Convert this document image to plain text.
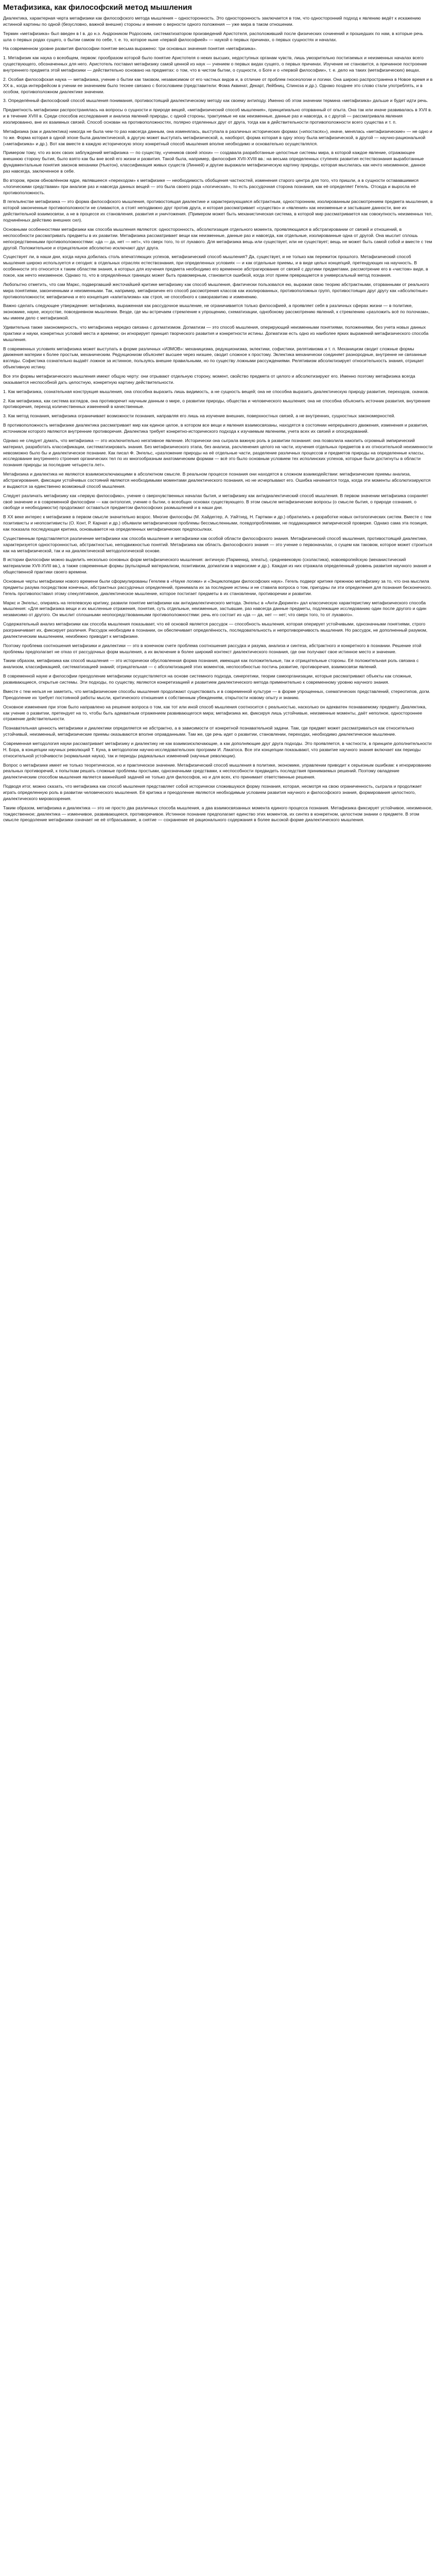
Метафизика, как философский метод мышления

Диалектика, характерная черта метафизики как философского метода мышления – односторонность. Это односторонность заключается в том, что односторонний подход к явлению ведёт к искажению истинной картины по одной (безусловно, важной внешне) стороны и мнение о верности одного положения — уже мира в таком отношении.

Термин «метафизика» был введен в I в. до н.э. Андроником Родосским, систематизатором произведений Аристотеля, расположивший после физических сочинений и прошедших по нам, в которые речь шла о первых родах сущего, о бытии самом по себе, т. е. то, которое ныне «первой философией» — наукой о первых причинах, о первых сущностях и началах.

На современном уровне развития философии понятие весьма выражено: три основных значения понятия «метафизика».

1. Метафизик как наука о всеобщем, первом: прообразом которой было понятие Аристотеля о неких высших, недоступных органам чувств, лишь умозрительно постигаемых и неизменных началах всего существующего, обозначенных для него. Аристотель поставил метафизику самой ценной из наук — учением о первых видах сущего, о первых причинах. Изучение не становится, а причинное построение внутреннего предмета этой метафизики — действительно основано на предметах: о том, что в чистом бытии, о сущности, о Боге и о «первой философии», т. е. дело на таких (метафизических) вещах.

2. Особая философская наука — метафизика, учение о бытии как таковом, независимом от его частных видов и, в отличие от проблем гносеологии и логики. Она широко распространена в Новое время и в XX в., когда интерфейсом в учении ее значением было теснее связано с богословием (представители: Фома Аквинат, Декарт, Лейбниц, Спиноза и др.). Однако позднее это слово стали употреблять, и в особом, противоположном диалектике значении.

3. Определённый философский способ мышления понимания, противостоящий диалектическому методу как своему антиподу. Именно об этом значении термина «метафизика» дальше и будет идти речь.

Предметность метафизики распространялась на вопросы о сущности и природе вещей, «метафизический способ мышления», принципиально оторванный от опыта. Она так или иначе развивалась в ХVII в. и в течение XVIII в. Среди способов исследования и анализа явлений природы, с одной стороны, трактуемые не как неизменные, данные раз и навсегда, а с другой — рассматривала явления изолированно, вне их взаимных связей. Способ основан на противоположностях, полярно отделенных друг от друга, тогда как в действительности противоположности всего существа и т. п.

Метафизика (как и диалектика) никогда не была чем-то раз навсегда данным, она изменялась, выступала в различных исторических формах («ипостасях»), иначе, менялась «метафизические» — не одно и то же. Форма которая в одной эпохе была диалектической, в другую может выступать метафизической, а, наоборот, форма которая в одну эпоху была метафизической, в другой — научно-рациональной («метафизика» и др.). Вот как вместе в каждую историческую эпоху конкретный способ мышления вполне необходимо и основательно осуществлялся.

Примером тому, что из всех своих заблуждений метафизика — по существу, «учеников своей эпохи» — создавала разработанные целостные системы мира, в которой каждое явление, отражающее внешнюю сторону бытия, было взято как бы вне всей его жизни и развития. Такой была, например, философия XVII-XVIII вв.: на весьма определенных ступенях развития естествознания выработанные фундаментальные понятия законов механики (Ньютон), классификация живых существ (Линней) и другие выражали метафизическую картину природы, которая мыслилась как нечто неизменное, данное раз навсегда, заключенное в себе.

Во втором, ярком обновлённом ядре, являвшееся «переходом» к метафизике — необходимость обобщения частностей, изменения старого центра для того, что пришли, а в сущности остававшимися «логическими средствами» при анализе раз и навсегда данных вещей — это была своего рода «логическая», то есть рассудочная сторона познания, как её определяет Гегель. Отсюда и выросла её противоположность.

В гегельянстве метафизика — это форма философского мышления, противостоящая диалектике и характеризующаяся абстрактным, односторонним, изолированным рассмотрением предмета мышления, в которой законченные противоположности не сливаются, а стоят неподвижно друг против друга, и которая рассматривает «существо» и «явления» как неизменные и застывшие данности, вне их действительной взаимосвязи, а не в процессе их становления, развития и уничтожения. (Примером может быть механистическая система, в которой мир рассматривается как совокупность неизменных тел, подчинённых действию внешних сил).

Основными особенностями метафизики как способа мышления являются: односторонность, абсолютизация отдельного момента, проявляющаяся в абстрагировании от связей и отношений, в неспособности рассматривать предметы в их развитии. Метафизика рассматривает вещи как неизменные, данные раз и навсегда, как отдельные, изолированные одна от другой. Она мыслит сплошь непосредственными противоположностями: «да — да, нет — нет», что сверх того, то от лукавого. Для метафизика вещь или существует, или не существует; вещь не может быть самой собой и вместе с тем другой. Положительное и отрицательное абсолютно исключают друг друга.

Существует ли, в наши дни, когда наука добилась столь впечатляющих успехов, метафизический способ мышления? Да, существует, и не только как пережиток прошлого. Метафизический способ мышления широко используется и сегодня: в отдельных отраслях естествознания, при определенных условиях — и как отдельные приемы, и в виде целых концепций, претендующих на научность. В особенности это относится к таким областям знания, в которых для изучения предмета необходимо его временное абстрагирование от связей с другими предметами, рассмотрение его в «чистом» виде, в покое, как нечто неизменное. Однако то, что в определённых границах может быть правомерным, становится ошибкой, когда этот прием превращается в универсальный метод познания.

Любопытно отметить, что сам Маркс, подвергавший жесточайшей критике метафизику как способ мышления, фактически пользовался ею, выражая свою теорию абстрактными, оторванными от реального мира понятиями, законченными и неизменными. Так, например, метафизичен его способ рассмотрения классов как изолированных, противоположных групп, противостоящих друг другу как «абсолютные» противоположности; метафизична и его концепция «капитализма» как строя, не способного к саморазвитию и изменению.

Важно сделать следующее утверждение: метафизика, выраженная как рассудочное мышление, не ограничивается только философией, а проявляет себя в различных сферах жизни — в политике, экономике, науке, искусстве, повседневном мышлении. Везде, где мы встречаем стремление к упрощению, схематизации, однобокому рассмотрению явлений, к стремлению «разложить всё по полочкам», мы имеем дело с метафизикой.

Удивительна также закономерность, что метафизика нередко связана с догматизмом. Догматизм — это способ мышления, оперирующий неизменными понятиями, положениями, без учета новых данных практики и науки, конкретных условий места и времени; он игнорирует принцип творческого развития и конкретности истины. Догматизм есть одно из наиболее ярких выражений метафизического способа мышления.

В современных условиях метафизика может выступать в форме различных «ИЗМОВ»: механицизма, редукционизма, эклектики, софистики, релятивизма и т. п. Механицизм сводит сложные формы движения материи к более простым, механическим. Редукционизм объясняет высшее через низшее, сводит сложное к простому. Эклектика механически соединяет разнородные, внутренне не связанные взгляды. Софистика сознательно выдаёт ложное за истинное, пользуясь внешне правильными, но по существу ложными рассуждениями. Релятивизм абсолютизирует относительность знания, отрицает объективную истину.

Все эти формы метафизического мышления имеют общую черту: они отрывают отдельную сторону, момент, свойство предмета от целого и абсолютизируют его. Именно поэтому метафизика всегда оказывается неспособной дать целостную, конкретную картину действительности.

1. Как метафизика, сознательная конструкция мышления, она способна выразить лишь видимость, а не сущность вещей; она не способна выразить диалектическую природу развития, переходов, скачков.

2. Как метафизика, как система взглядов, она противоречит научным данным о мире, о развитии природы, общества и человеческого мышления; она не способна объяснить источник развития, внутренние противоречия, переход количественных изменений в качественные.

3. Как метод познания, метафизика ограничивает возможности познания, направляя его лишь на изучение внешних, поверхностных связей, а не внутренних, сущностных закономерностей.

В противоположность метафизике диалектика рассматривает мир как единое целое, в котором все вещи и явления взаимосвязаны, находятся в состоянии непрерывного движения, изменения и развития, источником которого являются внутренние противоречия. Диалектика требует конкретно-исторического подхода к изучаемым явлениям, учета всех их связей и опосредований.

Однако не следует думать, что метафизика — это исключительно негативное явление. Исторически она сыграла важную роль в развитии познания: она позволила накопить огромный эмпирический материал, разработать классификации, систематизировать знания. Без метафизического этапа, без анализа, расчленения целого на части, изучения отдельных предметов в их относительной неизменности невозможно было бы и диалектическое познание. Как писал Ф. Энгельс, «разложение природы на её отдельные части, разделение различных процессов и предметов природы на определенные классы, исследование внутреннего строения органических тел по их многообразным анатомическим формам — всё это было основным условием тех исполинских успехов, которые были достигнуты в области познания природы за последние четыреста лет».

Метафизика и диалектика не являются взаимоисключающими в абсолютном смысле. В реальном процессе познания они находятся в сложном взаимодействии: метафизические приемы анализа, абстрагирования, фиксации устойчивых состояний являются необходимыми моментами диалектического познания, но не исчерпывают его. Ошибка начинается тогда, когда эти моменты абсолютизируются и выдаются за единственно возможный способ мышления.

Следует различать метафизику как «первую философию», учение о сверхчувственных началах бытия, и метафизику как антидиалектический способ мышления. В первом значении метафизика сохраняет своё значение и в современной философии — как онтология, учение о бытии, о всеобщих основах существующего. В этом смысле метафизические вопросы (о смысле бытия, о природе сознания, о свободе и необходимости) продолжают оставаться предметом философских размышлений и в наши дни.

В XX веке интерес к метафизике в первом смысле значительно возрос. Многие философы (М. Хайдеггер, А. Уайтхед, Н. Гартман и др.) обратились к разработке новых онтологических систем. Вместе с тем позитивисты и неопозитивисты (О. Конт, Р. Карнап и др.) объявили метафизические проблемы бессмысленными, псевдопроблемами, не поддающимися эмпирической проверке. Однако сама эта позиция, как показала последующая критика, основывается на определенных метафизических предпосылках.

Существенным представляется различение метафизики как способа мышления и метафизики как особой области философского знания. Метафизический способ мышления, противостоящий диалектике, характеризуется односторонностью, абстрактностью, неподвижностью понятий. Метафизика как область философского знания — это учение о первоначалах, о сущем как таковом, которое может строиться как на метафизической, так и на диалектической методологической основе.

В истории философии можно выделить несколько основных форм метафизического мышления: античную (Парменид, элеаты), средневековую (схоластика), новоевропейскую (механистический материализм XVII-XVIII вв.), а также современные формы (вульгарный материализм, позитивизм, догматизм в марксизме и др.). Каждая из них отражала определенный уровень развития научного знания и общественной практики своего времени.

Основные черты метафизики нового времени были сформулированы Гегелем в «Науке логики» и «Энциклопедии философских наук». Гегель подверг критике прежнюю метафизику за то, что она мыслила предметы разума посредством конечных, абстрактных рассудочных определений, принимала их за последние истины и не ставила вопроса о том, пригодны ли эти определения для познания бесконечного. Гегель противопоставил этому спекулятивное, диалектическое мышление, которое постигает предметы в их становлении, противоречии и развитии.

Маркс и Энгельс, опираясь на гегелевскую критику, развили понятие метафизики как антидиалектического метода. Энгельс в «Анти-Дюринге» дал классическую характеристику метафизического способа мышления: «Для метафизика вещи и их мысленные отражения, понятия, суть отдельные, неизменные, застывшие, раз навсегда данные предметы, подлежащие исследованию один после другого и один независимо от другого. Он мыслит сплошными неопосредствованными противоположностями: речь его состоит из «да — да, нет — нет; что сверх того, то от лукавого».

Содержательный анализ метафизики как способа мышления показывает, что её основой является рассудок — способность мышления, которая оперирует устойчивыми, однозначными понятиями, строго разграничивает их, фиксирует различия. Рассудок необходим в познании, он обеспечивает определённость, последовательность и непротиворечивость мышления. Но рассудок, не дополненный разумом, диалектическим мышлением, неизбежно приводит к метафизике.

Поэтому проблема соотношения метафизики и диалектики — это в конечном счете проблема соотношения рассудка и разума, анализа и синтеза, абстрактного и конкретного в познании. Решение этой проблемы предполагает не отказ от рассудочных форм мышления, а их включение в более широкий контекст диалектического познания, где они получают свое истинное место и значение.

Таким образом, метафизика как способ мышления — это исторически обусловленная форма познания, имеющая как положительные, так и отрицательные стороны. Её положительная роль связана с анализом, классификацией, систематизацией знаний; отрицательная — с абсолютизацией этих моментов, неспособностью постичь развитие, противоречия, взаимосвязи явлений.

В современной науке и философии преодоление метафизики осуществляется на основе системного подхода, синергетики, теории самоорганизации, которые рассматривают объекты как сложные, развивающиеся, открытые системы. Эти подходы, по существу, являются конкретизацией и развитием диалектического метода применительно к современному уровню научного знания.

Вместе с тем нельзя не заметить, что метафизические способы мышления продолжают существовать и в современной культуре — в форме упрощенных, схематических представлений, стереотипов, догм. Преодоление их требует постоянной работы мысли, критического отношения к собственным убеждениям, открытости новому опыту и знанию.

Основное изменение при этом было направлено на решение вопроса о том, как тот или иной способ мышления соотносится с реальностью, насколько он адекватен познаваемому предмету. Диалектика, как учение о развитии, претендует на то, чтобы быть адекватным отражением развивающегося мира; метафизика же, фиксируя лишь устойчивые, неизменные моменты, даёт неполное, одностороннее отражение действительности.

Познавательная ценность метафизики и диалектики определяется не абстрактно, а в зависимости от конкретной познавательной задачи. Там, где предмет может рассматриваться как относительно устойчивый, неизменный, метафизические приемы оказываются вполне оправданными. Там же, где речь идет о развитии, становлении, переходах, необходимо диалектическое мышление.

Современная методология науки рассматривает метафизику и диалектику не как взаимоисключающие, а как дополняющие друг друга подходы. Это проявляется, в частности, в принципе дополнительности Н. Бора, в концепции научных революций Т. Куна, в методологии научно-исследовательских программ И. Лакатоса. Все эти концепции показывают, что развитие научного знания включает как периоды относительной устойчивости (нормальная наука), так и периоды радикальных изменений (научные революции).

Вопрос о метафизике имеет не только теоретическое, но и практическое значение. Метафизический способ мышления в политике, экономике, управлении приводит к серьезным ошибкам: к игнорированию реальных противоречий, к попыткам решать сложные проблемы простыми, однозначными средствами, к неспособности предвидеть последствия принимаемых решений. Поэтому овладение диалектическим способом мышления является важнейшей задачей не только для философов, но и для всех, кто принимает ответственные решения.

Подводя итог, можно сказать, что метафизика как способ мышления представляет собой исторически сложившуюся форму познания, которая, несмотря на свою ограниченность, сыграла и продолжает играть определенную роль в развитии человеческого мышления. Её критика и преодоление являются необходимым условием развития научного и философского знания, формирования целостного, диалектического мировоззрения.

Таким образом, метафизика и диалектика — это не просто два различных способа мышления, а два взаимосвязанных момента единого процесса познания. Метафизика фиксирует устойчивое, неизменное, тождественное; диалектика — изменчивое, развивающееся, противоречивое. Истинное познание предполагает единство этих моментов, их синтез в конкретном, целостном знании о предмете. В этом смысле преодоление метафизики означает не её отбрасывание, а снятие — сохранение её рационального содержания в более высокой форме диалектического мышления.
